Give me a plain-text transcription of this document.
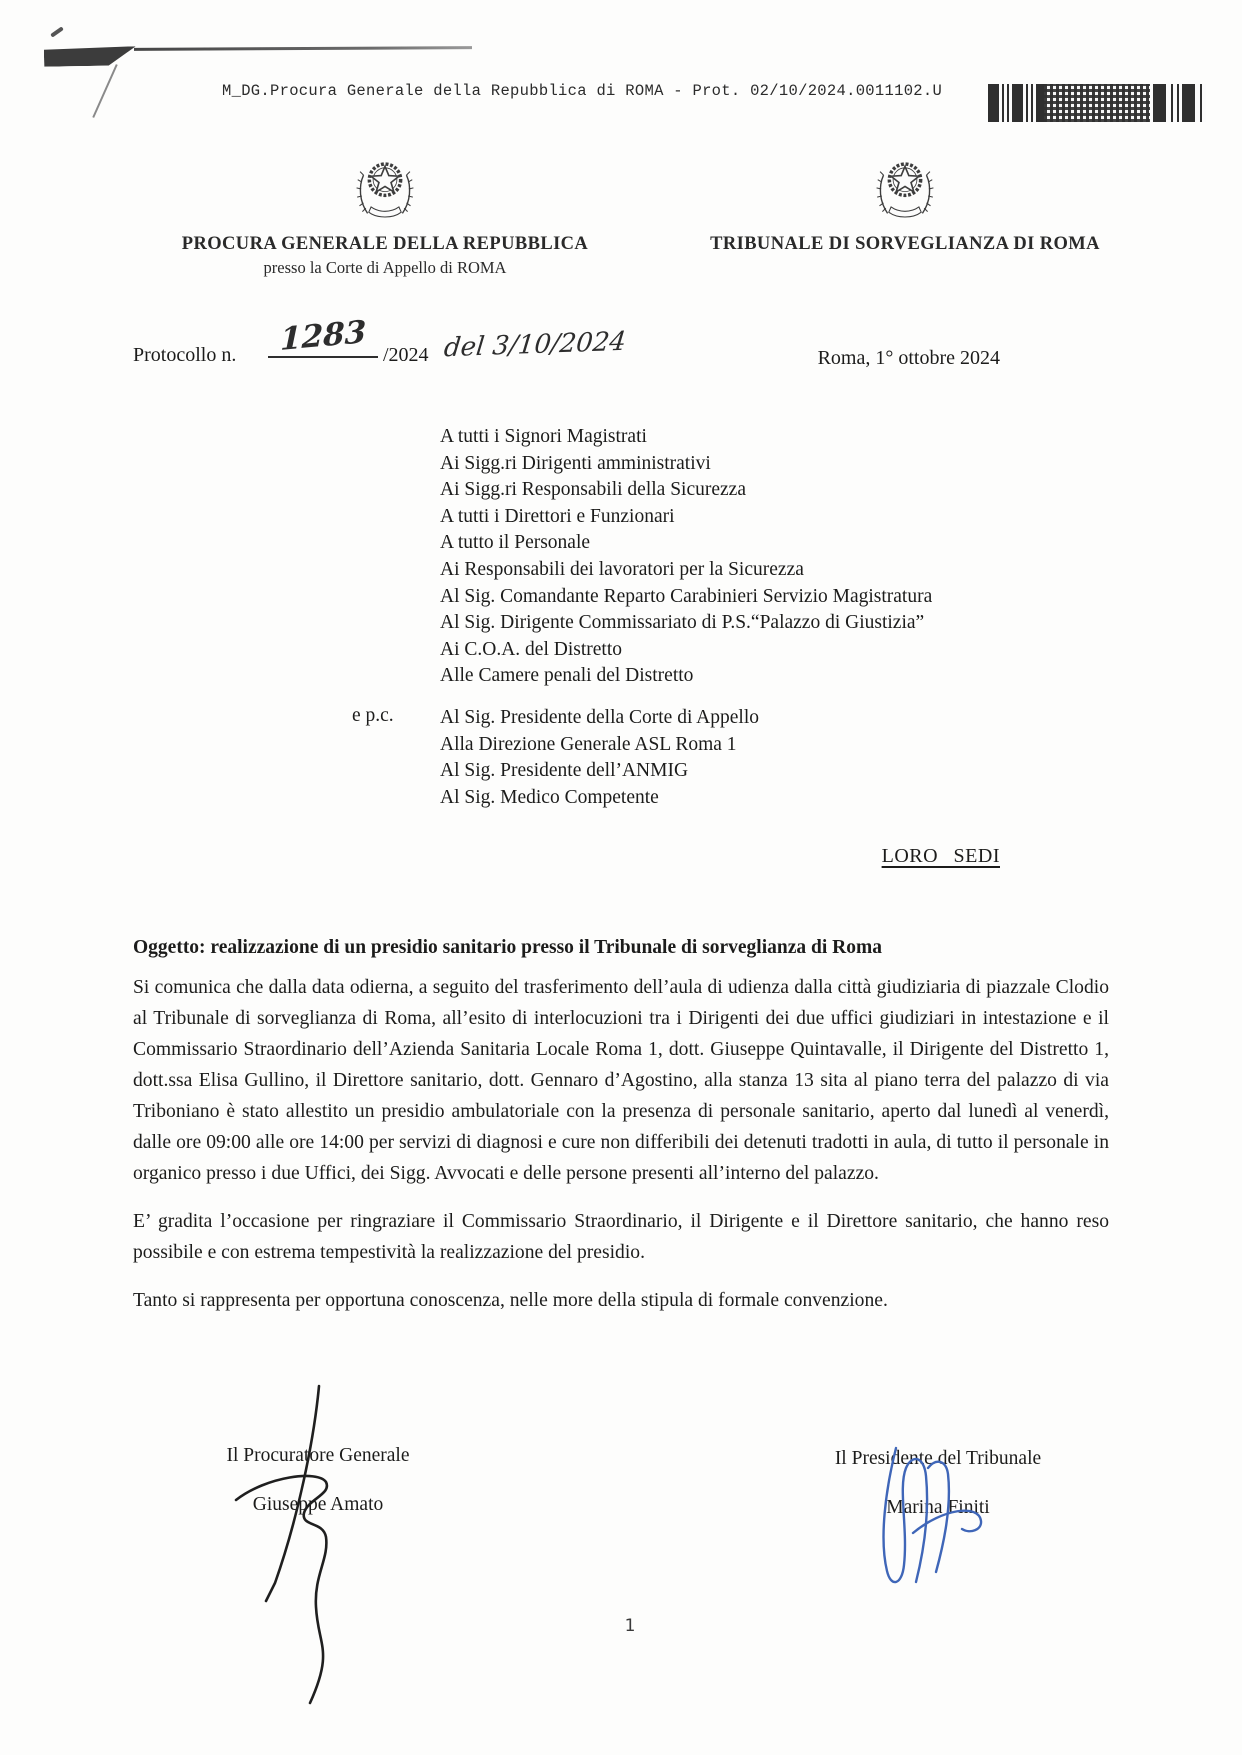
M_DG.Procura Generale della Repubblica di ROMA - Prot. 02/10/2024.0011102.U
PROCURA GENERALE DELLA REPUBBLICA
presso la Corte di Appello di ROMA
TRIBUNALE DI SORVEGLIANZA DI ROMA
Protocollo n.	1283 /2024 del 3/10/2024	Roma, 1° ottobre 2024
A tutti i Signori Magistrati
Ai Sigg.ri Dirigenti amministrativi
Ai Sigg.ri Responsabili della Sicurezza
A tutti i Direttori e Funzionari
A tutto il Personale
Ai Responsabili dei lavoratori per la Sicurezza
Al Sig. Comandante Reparto Carabinieri Servizio Magistratura
Al Sig. Dirigente Commissariato di P.S.“Palazzo di Giustizia”
Ai C.O.A. del Distretto
Alle Camere penali del Distretto
e p.c. Al Sig. Presidente della Corte di Appello
Alla Direzione Generale ASL Roma 1
Al Sig. Presidente dell’ANMIG
Al Sig. Medico Competente
LORO SEDI
Oggetto: realizzazione di un presidio sanitario presso il Tribunale di sorveglianza di Roma

Si comunica che dalla data odierna, a seguito del trasferimento dell’aula di udienza dalla città giudiziaria di piazzale Clodio al Tribunale di sorveglianza di Roma, all’esito di interlocuzioni tra i Dirigenti dei due uffici giudiziari in intestazione e il Commissario Straordinario dell’Azienda Sanitaria Locale Roma 1, dott. Giuseppe Quintavalle, il Dirigente del Distretto 1, dott.ssa Elisa Gullino, il Direttore sanitario, dott. Gennaro d’Agostino, alla stanza 13 sita al piano terra del palazzo di via Triboniano è stato allestito un presidio ambulatoriale con la presenza di personale sanitario, aperto dal lunedì al venerdì, dalle ore 09:00 alle ore 14:00 per servizi di diagnosi e cure non differibili dei detenuti tradotti in aula, di tutto il personale in organico presso i due Uffici, dei Sigg. Avvocati e delle persone presenti all’interno del palazzo.

E’ gradita l’occasione per ringraziare il Commissario Straordinario, il Dirigente e il Direttore sanitario, che hanno reso possibile e con estrema tempestività la realizzazione del presidio.

Tanto si rappresenta per opportuna conoscenza, nelle more della stipula di formale convenzione.

Il Procuratore Generale
Giuseppe Amato
Il Presidente del Tribunale
Marina Finiti
1
